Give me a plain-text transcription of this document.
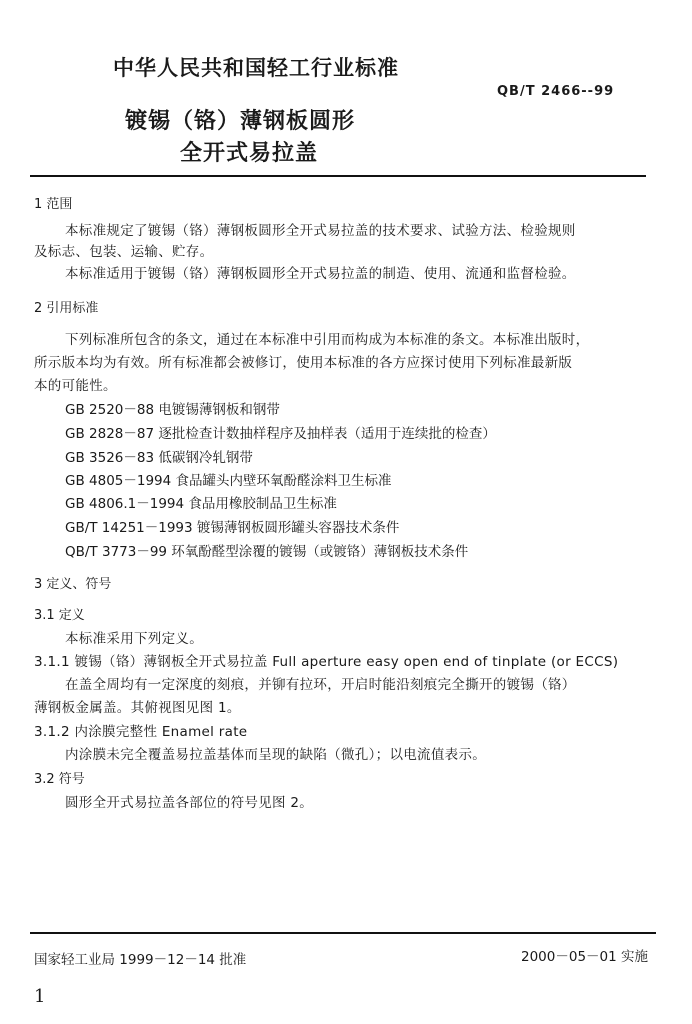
中华人民共和国轻工行业标准
QB/T 2466--99
镀锡（铬）薄钢板圆形
全开式易拉盖
1 范围
本标准规定了镀锡（铬）薄钢板圆形全开式易拉盖的技术要求、试验方法、检验规则
及标志、包装、运输、贮存。
本标准适用于镀锡（铬）薄钢板圆形全开式易拉盖的制造、使用、流通和监督检验。
2 引用标准
下列标准所包含的条文，通过在本标准中引用而构成为本标准的条文。本标准出版时，
所示版本均为有效。所有标准都会被修订，使用本标准的各方应探讨使用下列标准最新版
本的可能性。
GB 2520－88 电镀锡薄钢板和钢带
GB 2828－87 逐批检查计数抽样程序及抽样表（适用于连续批的检查）
GB 3526－83 低碳钢冷轧钢带
GB 4805－1994 食品罐头内壁环氧酚醛涂料卫生标准
GB 4806.1－1994 食品用橡胶制品卫生标准
GB/T 14251－1993 镀锡薄钢板圆形罐头容器技术条件
QB/T 3773－99 环氧酚醛型涂覆的镀锡（或镀铬）薄钢板技术条件
3 定义、符号
3.1 定义
本标准采用下列定义。
3.1.1 镀锡（铬）薄钢板全开式易拉盖 Full aperture easy open end of tinplate (or ECCS)
在盖全周均有一定深度的刻痕，并铆有拉环，开启时能沿刻痕完全撕开的镀锡（铬）
薄钢板金属盖。其俯视图见图 1。
3.1.2 内涂膜完整性 Enamel rate
内涂膜未完全覆盖易拉盖基体而呈现的缺陷（微孔）；以电流值表示。
3.2 符号
圆形全开式易拉盖各部位的符号见图 2。
国家轻工业局 1999－12－14 批准	2000－05－01 实施
1
